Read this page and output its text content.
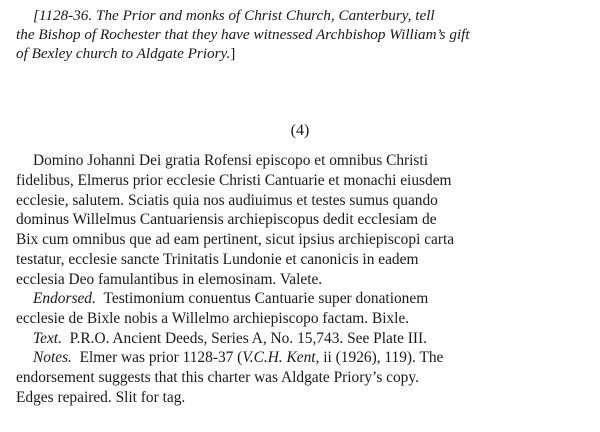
[1128-36. The Prior and monks of Christ Church, Canterbury, tell
the Bishop of Rochester that they have witnessed Archbishop William’s gift
of Bexley church to Aldgate Priory.]
(4)
Domino Johanni Dei gratia Rofensi episcopo et omnibus Christi
fidelibus, Elmerus prior ecclesie Christi Cantuarie et monachi eiusdem
ecclesie, salutem. Sciatis quia nos audiuimus et testes sumus quando
dominus Willelmus Cantuariensis archiepiscopus dedit ecclesiam de
Bix cum omnibus que ad eam pertinent, sicut ipsius archiepiscopi carta
testatur, ecclesie sancte Trinitatis Lundonie et canonicis in eadem
ecclesia Deo famulantibus in elemosinam. Valete.
Endorsed.
Testimonium conuentus Cantuarie super donationem
ecclesie de Bixle nobis a Willelmo archiepiscopo factam. Bixle.
Text.
P.R.O. Ancient Deeds, Series A, No. 15,743. See Plate III.
Notes.
Elmer was prior 1128-37 ( V.C.H. Kent , ii (1926), 119). The
endorsement suggests that this charter was Aldgate Priory’s copy.
Edges repaired. Slit for tag.
